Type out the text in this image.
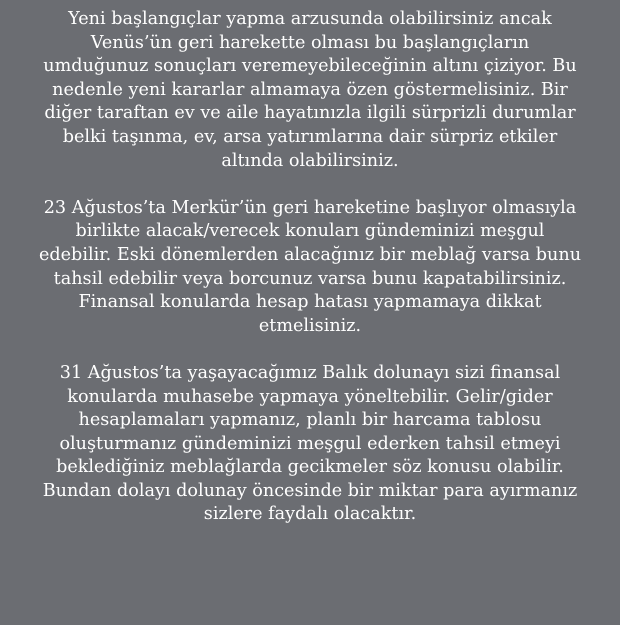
Yeni başlangıçlar yapma arzusunda olabilirsiniz ancak
Venüs’ün geri harekette olması bu başlangıçların
umduğunuz sonuçları veremeyebileceğinin altını çiziyor. Bu
nedenle yeni kararlar almamaya özen göstermelisiniz. Bir
diğer taraftan ev ve aile hayatınızla ilgili sürprizli durumlar
belki taşınma, ev, arsa yatırımlarına dair sürpriz etkiler
altında olabilirsiniz.

23 Ağustos’ta Merkür’ün geri hareketine başlıyor olmasıyla
birlikte alacak/verecek konuları gündeminizi meşgul
edebilir. Eski dönemlerden alacağınız bir meblağ varsa bunu
tahsil edebilir veya borcunuz varsa bunu kapatabilirsiniz.
Finansal konularda hesap hatası yapmamaya dikkat
etmelisiniz.

31 Ağustos’ta yaşayacağımız Balık dolunayı sizi finansal
konularda muhasebe yapmaya yöneltebilir. Gelir/gider
hesaplamaları yapmanız, planlı bir harcama tablosu
oluşturmanız gündeminizi meşgul ederken tahsil etmeyi
beklediğiniz meblağlarda gecikmeler söz konusu olabilir.
Bundan dolayı dolunay öncesinde bir miktar para ayırmanız
sizlere faydalı olacaktır.
